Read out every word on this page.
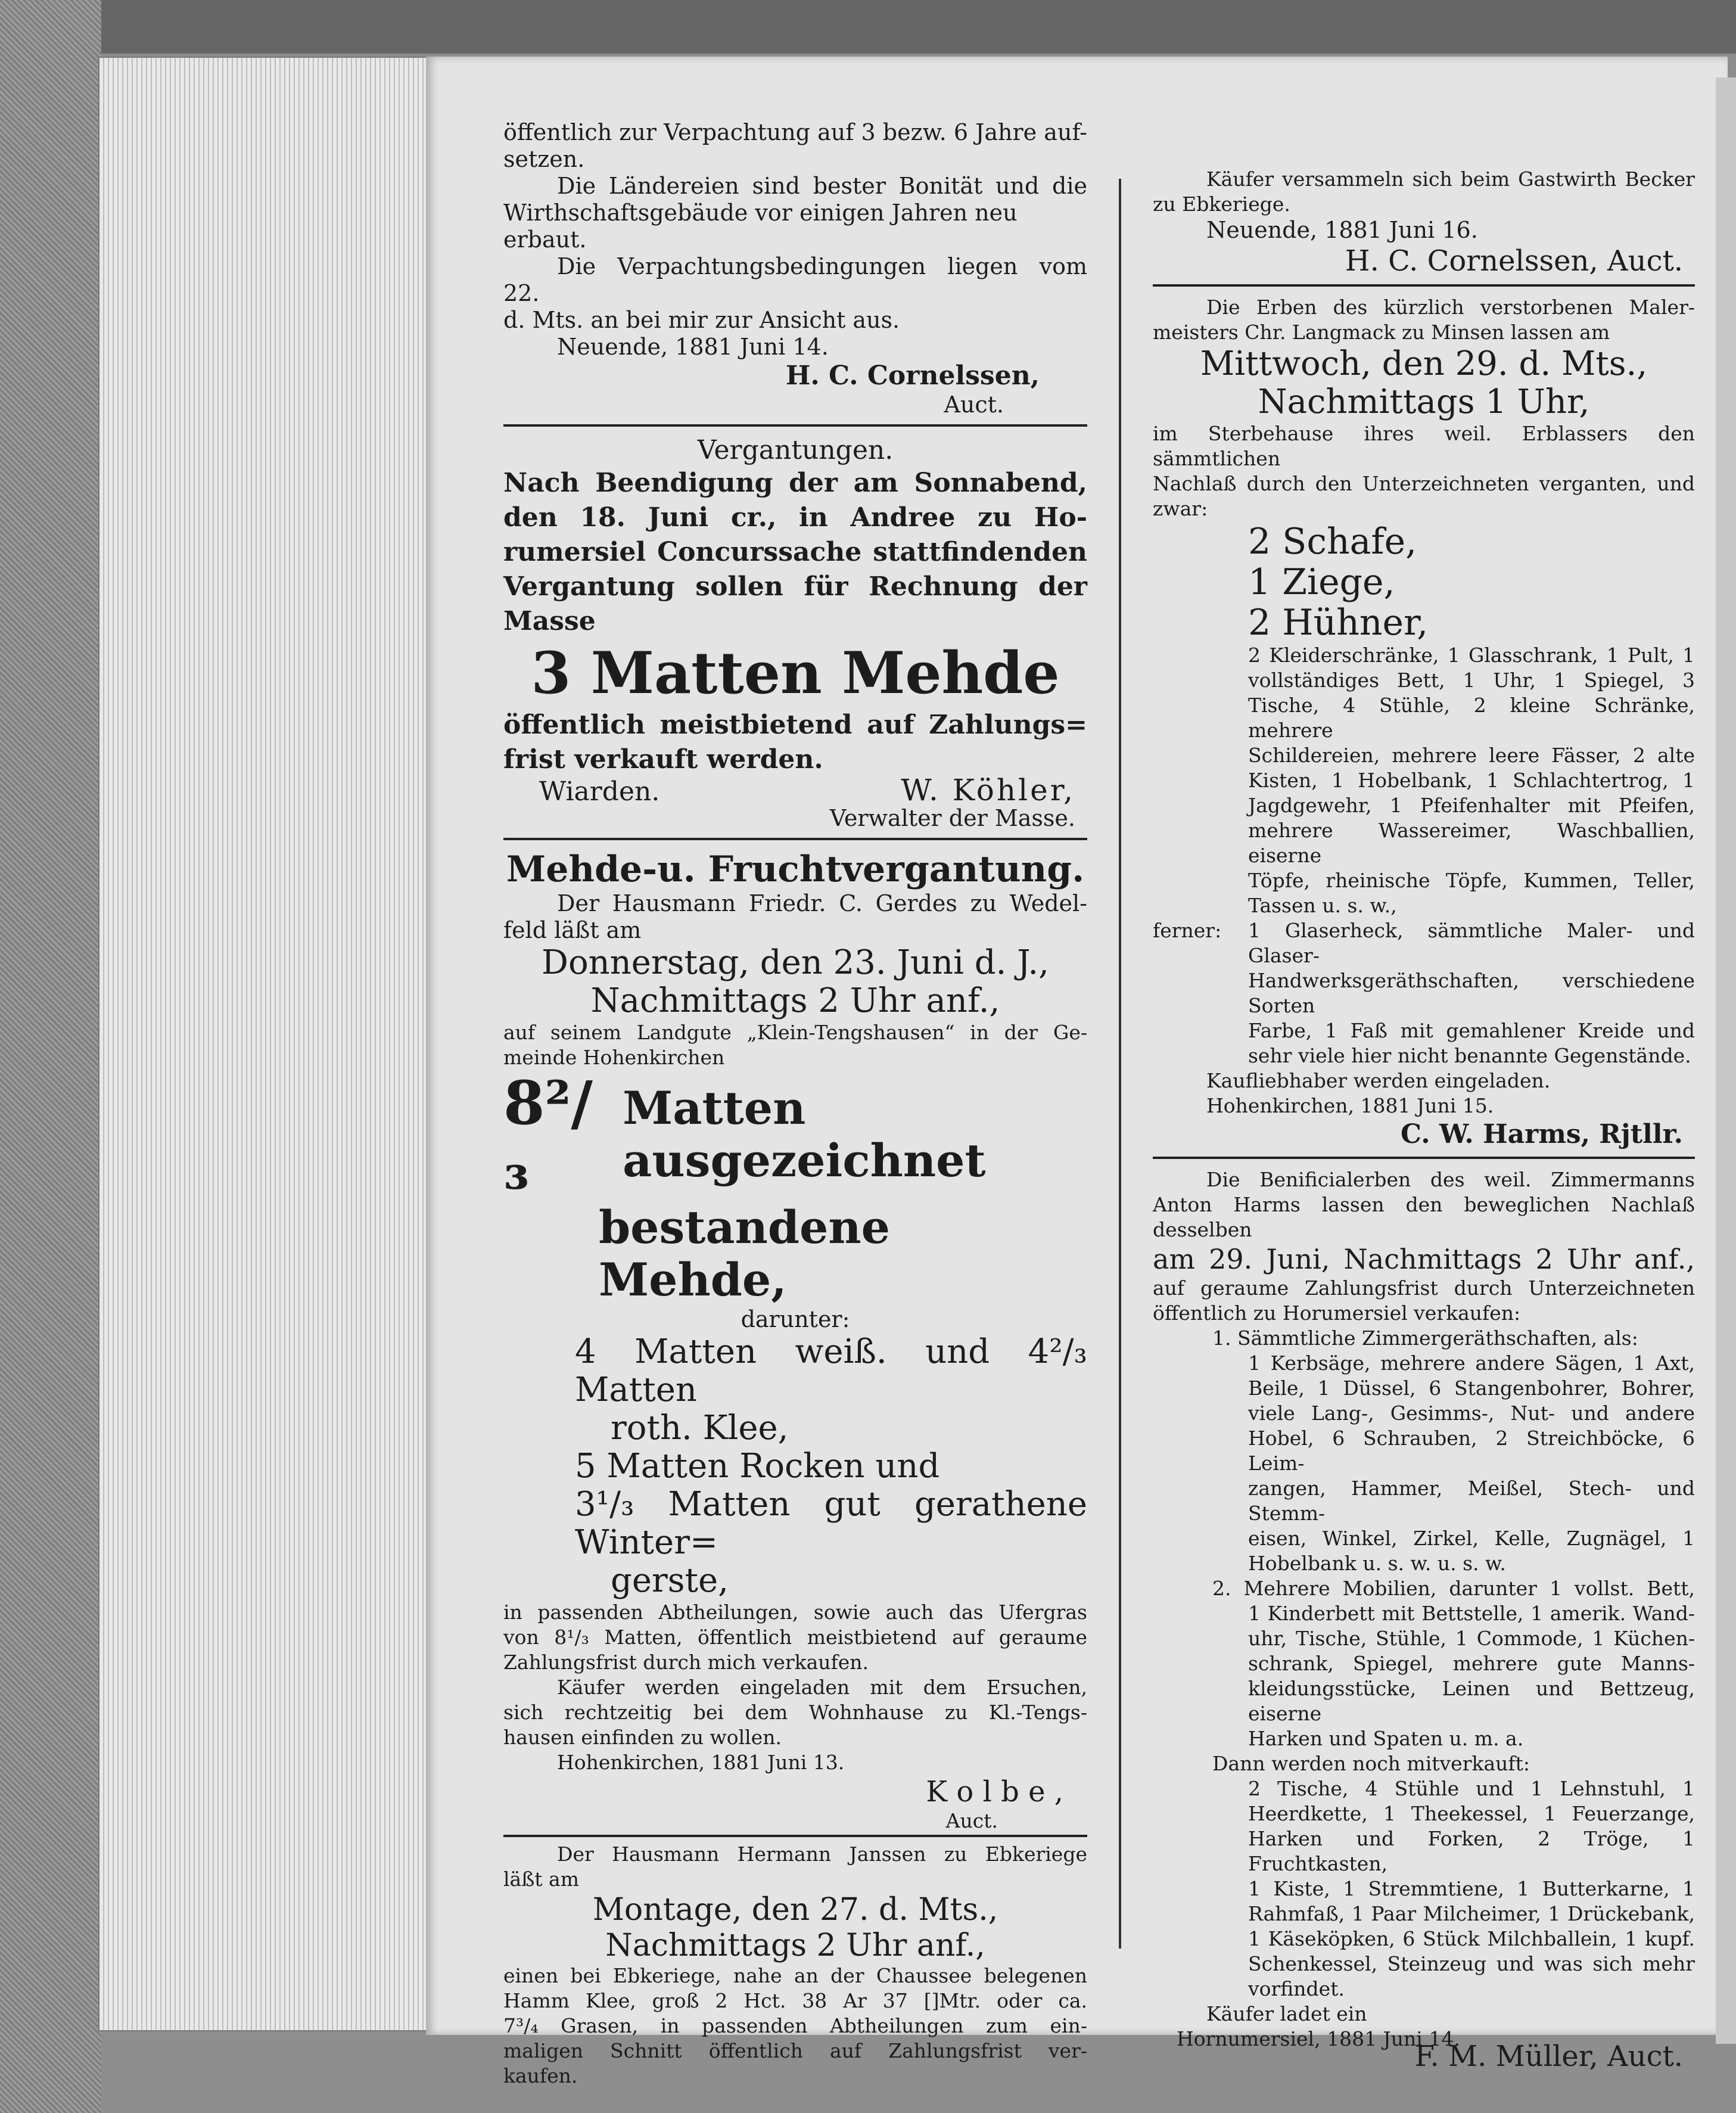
öffentlich zur Verpachtung auf 3 bezw. 6 Jahre auf-

setzen.

Die Ländereien sind bester Bonität und die

Wirthschaftsgebäude vor einigen Jahren neu erbaut.

Die Verpachtungsbedingungen liegen vom 22.

d. Mts. an bei mir zur Ansicht aus.

Neuende, 1881 Juni 14.

H. C. Cornelssen,

Auct.

Vergantungen.

Nach Beendigung der am Sonnabend,

den 18. Juni cr., in Andree zu Ho-

rumersiel Concurssache stattfindenden

Vergantung sollen für Rechnung der

Masse

3 Matten Mehde

öffentlich meistbietend auf Zahlungs=

frist verkauft werden.

Wiarden.	W. Köhler,

Verwalter der Masse.

Mehde-u. Fruchtvergantung.

Der Hausmann Friedr. C. Gerdes zu Wedel-

feld läßt am

Donnerstag, den 23. Juni d. J.,

Nachmittags 2 Uhr anf.,

auf seinem Landgute „Klein-Tengshausen“ in der Ge-

meinde Hohenkirchen

8²/₃
Matten ausgezeichnet

bestandene Mehde,

darunter:

4 Matten weiß. und 4²/₃ Matten
roth. Klee,
5 Matten Rocken und
3¹/₃ Matten gut gerathene Winter=
gerste,

in passenden Abtheilungen, sowie auch das Ufergras

von 8¹/₃ Matten, öffentlich meistbietend auf geraume

Zahlungsfrist durch mich verkaufen.

Käufer werden eingeladen mit dem Ersuchen,

sich rechtzeitig bei dem Wohnhause zu Kl.-Tengs-

hausen einfinden zu wollen.

Hohenkirchen, 1881 Juni 13.

K o l b e ,

Auct.

Der Hausmann Hermann Janssen zu Ebkeriege

läßt am

Montage, den 27. d. Mts.,

Nachmittags 2 Uhr anf.,

einen bei Ebkeriege, nahe an der Chaussee belegenen

Hamm Klee, groß 2 Hct. 38 Ar 37 []Mtr. oder ca.

7³/₄ Grasen, in passenden Abtheilungen zum ein-

maligen Schnitt öffentlich auf Zahlungsfrist ver-

kaufen.

Käufer versammeln sich beim Gastwirth Becker

zu Ebkeriege.

Neuende, 1881 Juni 16.

H. C. Cornelssen, Auct.

Die Erben des kürzlich verstorbenen Maler-

meisters Chr. Langmack zu Minsen lassen am

Mittwoch, den 29. d. Mts.,

Nachmittags 1 Uhr,

im Sterbehause ihres weil. Erblassers den sämmtlichen

Nachlaß durch den Unterzeichneten verganten, und

zwar:

2 Schafe,
1 Ziege,
2 Hühner,
2 Kleiderschränke, 1 Glasschrank, 1 Pult, 1
vollständiges Bett, 1 Uhr, 1 Spiegel, 3
Tische, 4 Stühle, 2 kleine Schränke, mehrere
Schildereien, mehrere leere Fässer, 2 alte
Kisten, 1 Hobelbank, 1 Schlachtertrog, 1
Jagdgewehr, 1 Pfeifenhalter mit Pfeifen,
mehrere Wassereimer, Waschballien, eiserne
Töpfe, rheinische Töpfe, Kummen, Teller,
Tassen u. s. w.,
ferner:	1 Glaserheck, sämmtliche Maler- und Glaser-

Handwerksgeräthschaften, verschiedene Sorten

Farbe, 1 Faß mit gemahlener Kreide und

sehr viele hier nicht benannte Gegenstände.

Kaufliebhaber werden eingeladen.

Hohenkirchen, 1881 Juni 15.

C. W. Harms, Rjtllr.

Die Benificialerben des weil. Zimmermanns

Anton Harms lassen den beweglichen Nachlaß desselben

am 29. Juni, Nachmittags 2 Uhr anf.,

auf geraume Zahlungsfrist durch Unterzeichneten

öffentlich zu Horumersiel verkaufen:

1. Sämmtliche Zimmergeräthschaften, als:

1 Kerbsäge, mehrere andere Sägen, 1 Axt,
Beile, 1 Düssel, 6 Stangenbohrer, Bohrer,
viele Lang-, Gesimms-, Nut- und andere
Hobel, 6 Schrauben, 2 Streichböcke, 6 Leim-
zangen, Hammer, Meißel, Stech- und Stemm-
eisen, Winkel, Zirkel, Kelle, Zugnägel, 1
Hobelbank u. s. w. u. s. w.

2. Mehrere Mobilien, darunter 1 vollst. Bett,

1 Kinderbett mit Bettstelle, 1 amerik. Wand-
uhr, Tische, Stühle, 1 Commode, 1 Küchen-
schrank, Spiegel, mehrere gute Manns-
kleidungsstücke, Leinen und Bettzeug, eiserne
Harken und Spaten u. m. a.

Dann werden noch mitverkauft:

2 Tische, 4 Stühle und 1 Lehnstuhl, 1
Heerdkette, 1 Theekessel, 1 Feuerzange,
Harken und Forken, 2 Tröge, 1 Fruchtkasten,
1 Kiste, 1 Stremmtiene, 1 Butterkarne, 1
Rahmfaß, 1 Paar Milcheimer, 1 Drückebank,
1 Käseköpken, 6 Stück Milchballein, 1 kupf.
Schenkessel, Steinzeug und was sich mehr
vorfindet.

Käufer ladet ein

Hornumersiel, 1881 Juni 14.

F. M. Müller, Auct.
